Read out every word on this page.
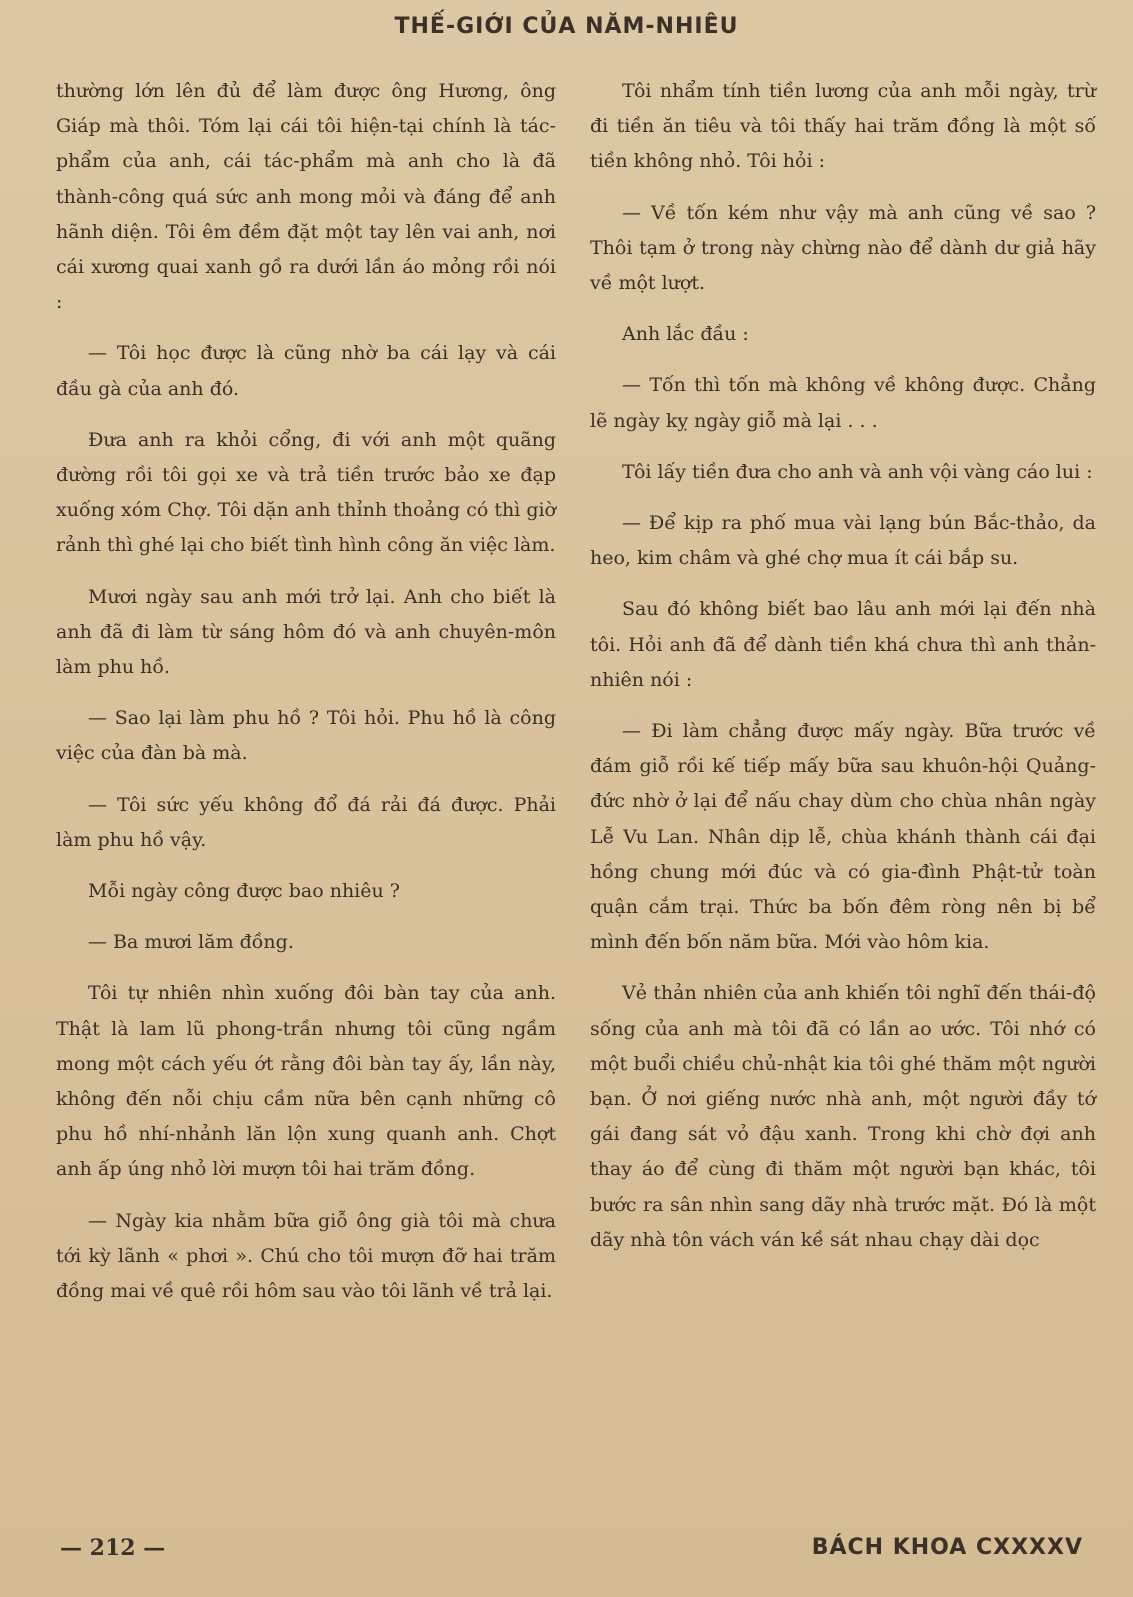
THẾ-GIỚI CỦA NĂM-NHIÊU

thường lớn lên đủ để làm được ông Hương, ông Giáp mà thôi. Tóm lại cái tôi hiện-tại chính là tác-phẩm của anh, cái tác-phẩm mà anh cho là đã thành-công quá sức anh mong mỏi và đáng để anh hãnh diện. Tôi êm đềm đặt một tay lên vai anh, nơi cái xương quai xanh gồ ra dưới lần áo mỏng rồi nói :

— Tôi học được là cũng nhờ ba cái lạy và cái đầu gà của anh đó.

Đưa anh ra khỏi cổng, đi với anh một quãng đường rồi tôi gọi xe và trả tiền trước bảo xe đạp xuống xóm Chợ. Tôi dặn anh thỉnh thoảng có thì giờ rảnh thì ghé lại cho biết tình hình công ăn việc làm.

Mươi ngày sau anh mới trở lại. Anh cho biết là anh đã đi làm từ sáng hôm đó và anh chuyên-môn làm phu hồ.

— Sao lại làm phu hồ ? Tôi hỏi. Phu hồ là công việc của đàn bà mà.

— Tôi sức yếu không đổ đá rải đá được. Phải làm phu hồ vậy.

Mỗi ngày công được bao nhiêu ?

— Ba mươi lăm đồng.

Tôi tự nhiên nhìn xuống đôi bàn tay của anh. Thật là lam lũ phong-trần nhưng tôi cũng ngầm mong một cách yếu ớt rằng đôi bàn tay ấy, lần này, không đến nỗi chịu cầm nữa bên cạnh những cô phu hồ nhí-nhảnh lăn lộn xung quanh anh. Chợt anh ấp úng nhỏ lời mượn tôi hai trăm đồng.

— Ngày kia nhằm bữa giỗ ông già tôi mà chưa tới kỳ lãnh « phơi ». Chú cho tôi mượn đỡ hai trăm đồng mai về quê rồi hôm sau vào tôi lãnh về trả lại.

Tôi nhẩm tính tiền lương của anh mỗi ngày, trừ đi tiền ăn tiêu và tôi thấy hai trăm đồng là một số tiền không nhỏ. Tôi hỏi :

— Về tốn kém như vậy mà anh cũng về sao ? Thôi tạm ở trong này chừng nào để dành dư giả hãy về một lượt.

Anh lắc đầu :

— Tốn thì tốn mà không về không được. Chẳng lẽ ngày kỵ ngày giỗ mà lại . . .

Tôi lấy tiền đưa cho anh và anh vội vàng cáo lui :

— Để kịp ra phố mua vài lạng bún Bắc-thảo, da heo, kim châm và ghé chợ mua ít cái bắp su.

Sau đó không biết bao lâu anh mới lại đến nhà tôi. Hỏi anh đã để dành tiền khá chưa thì anh thản-nhiên nói :

— Đi làm chẳng được mấy ngày. Bữa trước về đám giỗ rồi kế tiếp mấy bữa sau khuôn-hội Quảng-đức nhờ ở lại để nấu chay dùm cho chùa nhân ngày Lễ Vu Lan. Nhân dịp lễ, chùa khánh thành cái đại hồng chung mới đúc và có gia-đình Phật-tử toàn quận cắm trại. Thức ba bốn đêm ròng nên bị bể mình đến bốn năm bữa. Mới vào hôm kia.

Vẻ thản nhiên của anh khiến tôi nghĩ đến thái-độ sống của anh mà tôi đã có lần ao ước. Tôi nhớ có một buổi chiều chủ-nhật kia tôi ghé thăm một người bạn. Ở nơi giếng nước nhà anh, một người đầy tớ gái đang sát vỏ đậu xanh. Trong khi chờ đợi anh thay áo để cùng đi thăm một người bạn khác, tôi bước ra sân nhìn sang dãy nhà trước mặt. Đó là một dãy nhà tôn vách ván kề sát nhau chạy dài dọc

— 212 —	BÁCH KHOA CXXXXV
